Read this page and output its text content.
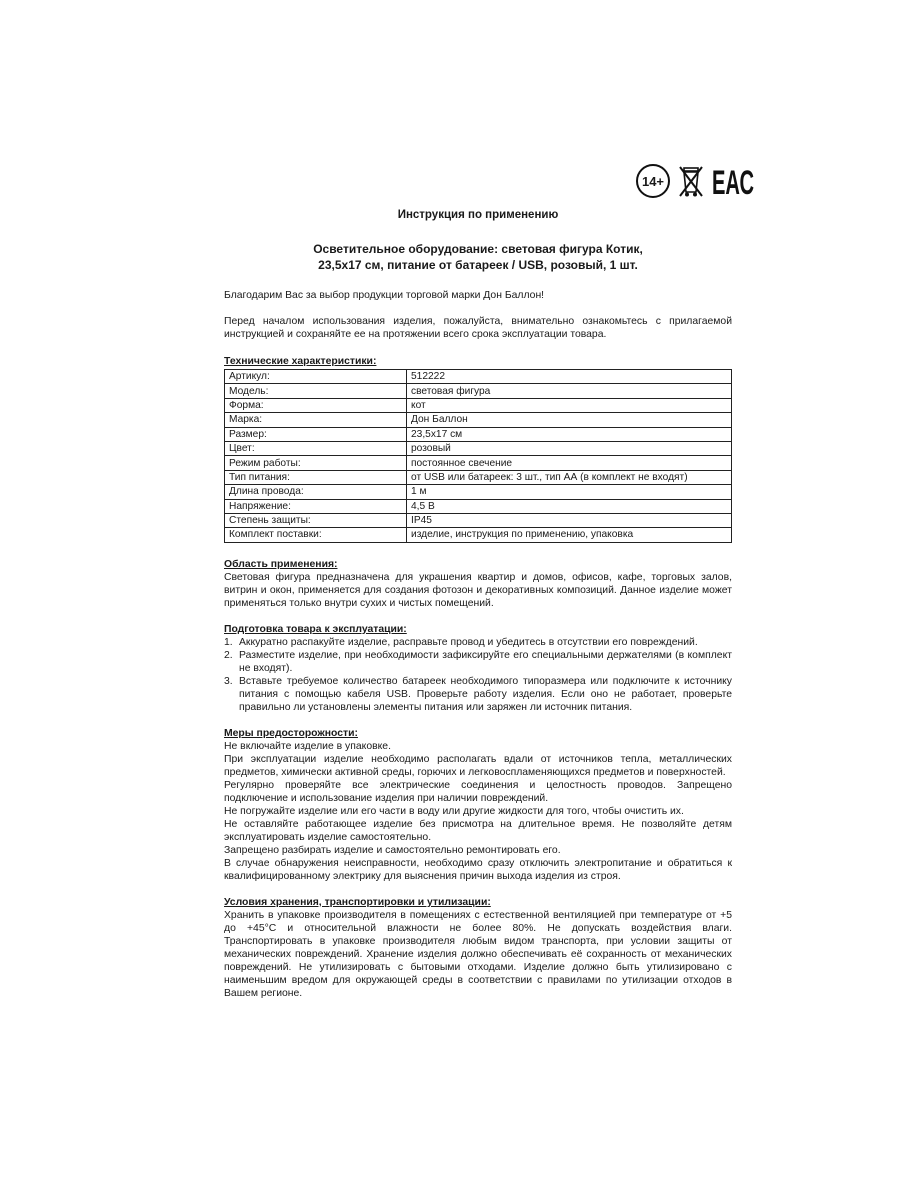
14+ ЕАС
Инструкция по применению
Осветительное оборудование: световая фигура Котик,
23,5х17 см, питание от батареек / USB, розовый, 1 шт.

Благодарим Вас за выбор продукции торговой марки Дон Баллон!

Перед началом использования изделия, пожалуйста, внимательно ознакомьтесь с прилагаемой инструкцией и сохраняйте ее на протяжении всего срока эксплуатации товара.

Технические характеристики:

Артикул:	512222
Модель:	световая фигура
Форма:	кот
Марка:	Дон Баллон
Размер:	23,5х17 см
Цвет:	розовый
Режим работы:	постоянное свечение
Тип питания:	от USB или батареек: 3 шт., тип АА (в комплект не входят)
Длина провода:	1 м
Напряжение:	4,5 В
Степень защиты:	IP45
Комплект поставки:	изделие, инструкция по применению, упаковка

Область применения:

Световая фигура предназначена для украшения квартир и домов, офисов, кафе, торговых залов, витрин и окон, применяется для создания фотозон и декоративных композиций. Данное изделие может применяться только внутри сухих и чистых помещений.

Подготовка товара к эксплуатации:

1. Аккуратно распакуйте изделие, расправьте провод и убедитесь в отсутствии его повреждений.
2. Разместите изделие, при необходимости зафиксируйте его специальными держателями (в комплект не входят).
3. Вставьте требуемое количество батареек необходимого типоразмера или подключите к источнику питания с помощью кабеля USB. Проверьте работу изделия. Если оно не работает, проверьте правильно ли установлены элементы питания или заряжен ли источник питания.

Меры предосторожности:

Не включайте изделие в упаковке.

При эксплуатации изделие необходимо располагать вдали от источников тепла, металлических предметов, химически активной среды, горючих и легковоспламеняющихся предметов и поверхностей.

Регулярно проверяйте все электрические соединения и целостность проводов. Запрещено подключение и использование изделия при наличии повреждений.

Не погружайте изделие или его части в воду или другие жидкости для того, чтобы очистить их.

Не оставляйте работающее изделие без присмотра на длительное время. Не позволяйте детям эксплуатировать изделие самостоятельно.

Запрещено разбирать изделие и самостоятельно ремонтировать его.

В случае обнаружения неисправности, необходимо сразу отключить электропитание и обратиться к квалифицированному электрику для выяснения причин выхода изделия из строя.

Условия хранения, транспортировки и утилизации:

Хранить в упаковке производителя в помещениях с естественной вентиляцией при температуре от +5 до +45°С и относительной влажности не более 80%. Не допускать воздействия влаги. Транспортировать в упаковке производителя любым видом транспорта, при условии защиты от механических повреждений. Хранение изделия должно обеспечивать её сохранность от механических повреждений. Не утилизировать с бытовыми отходами. Изделие должно быть утилизировано с наименьшим вредом для окружающей среды в соответствии с правилами по утилизации отходов в Вашем регионе.
